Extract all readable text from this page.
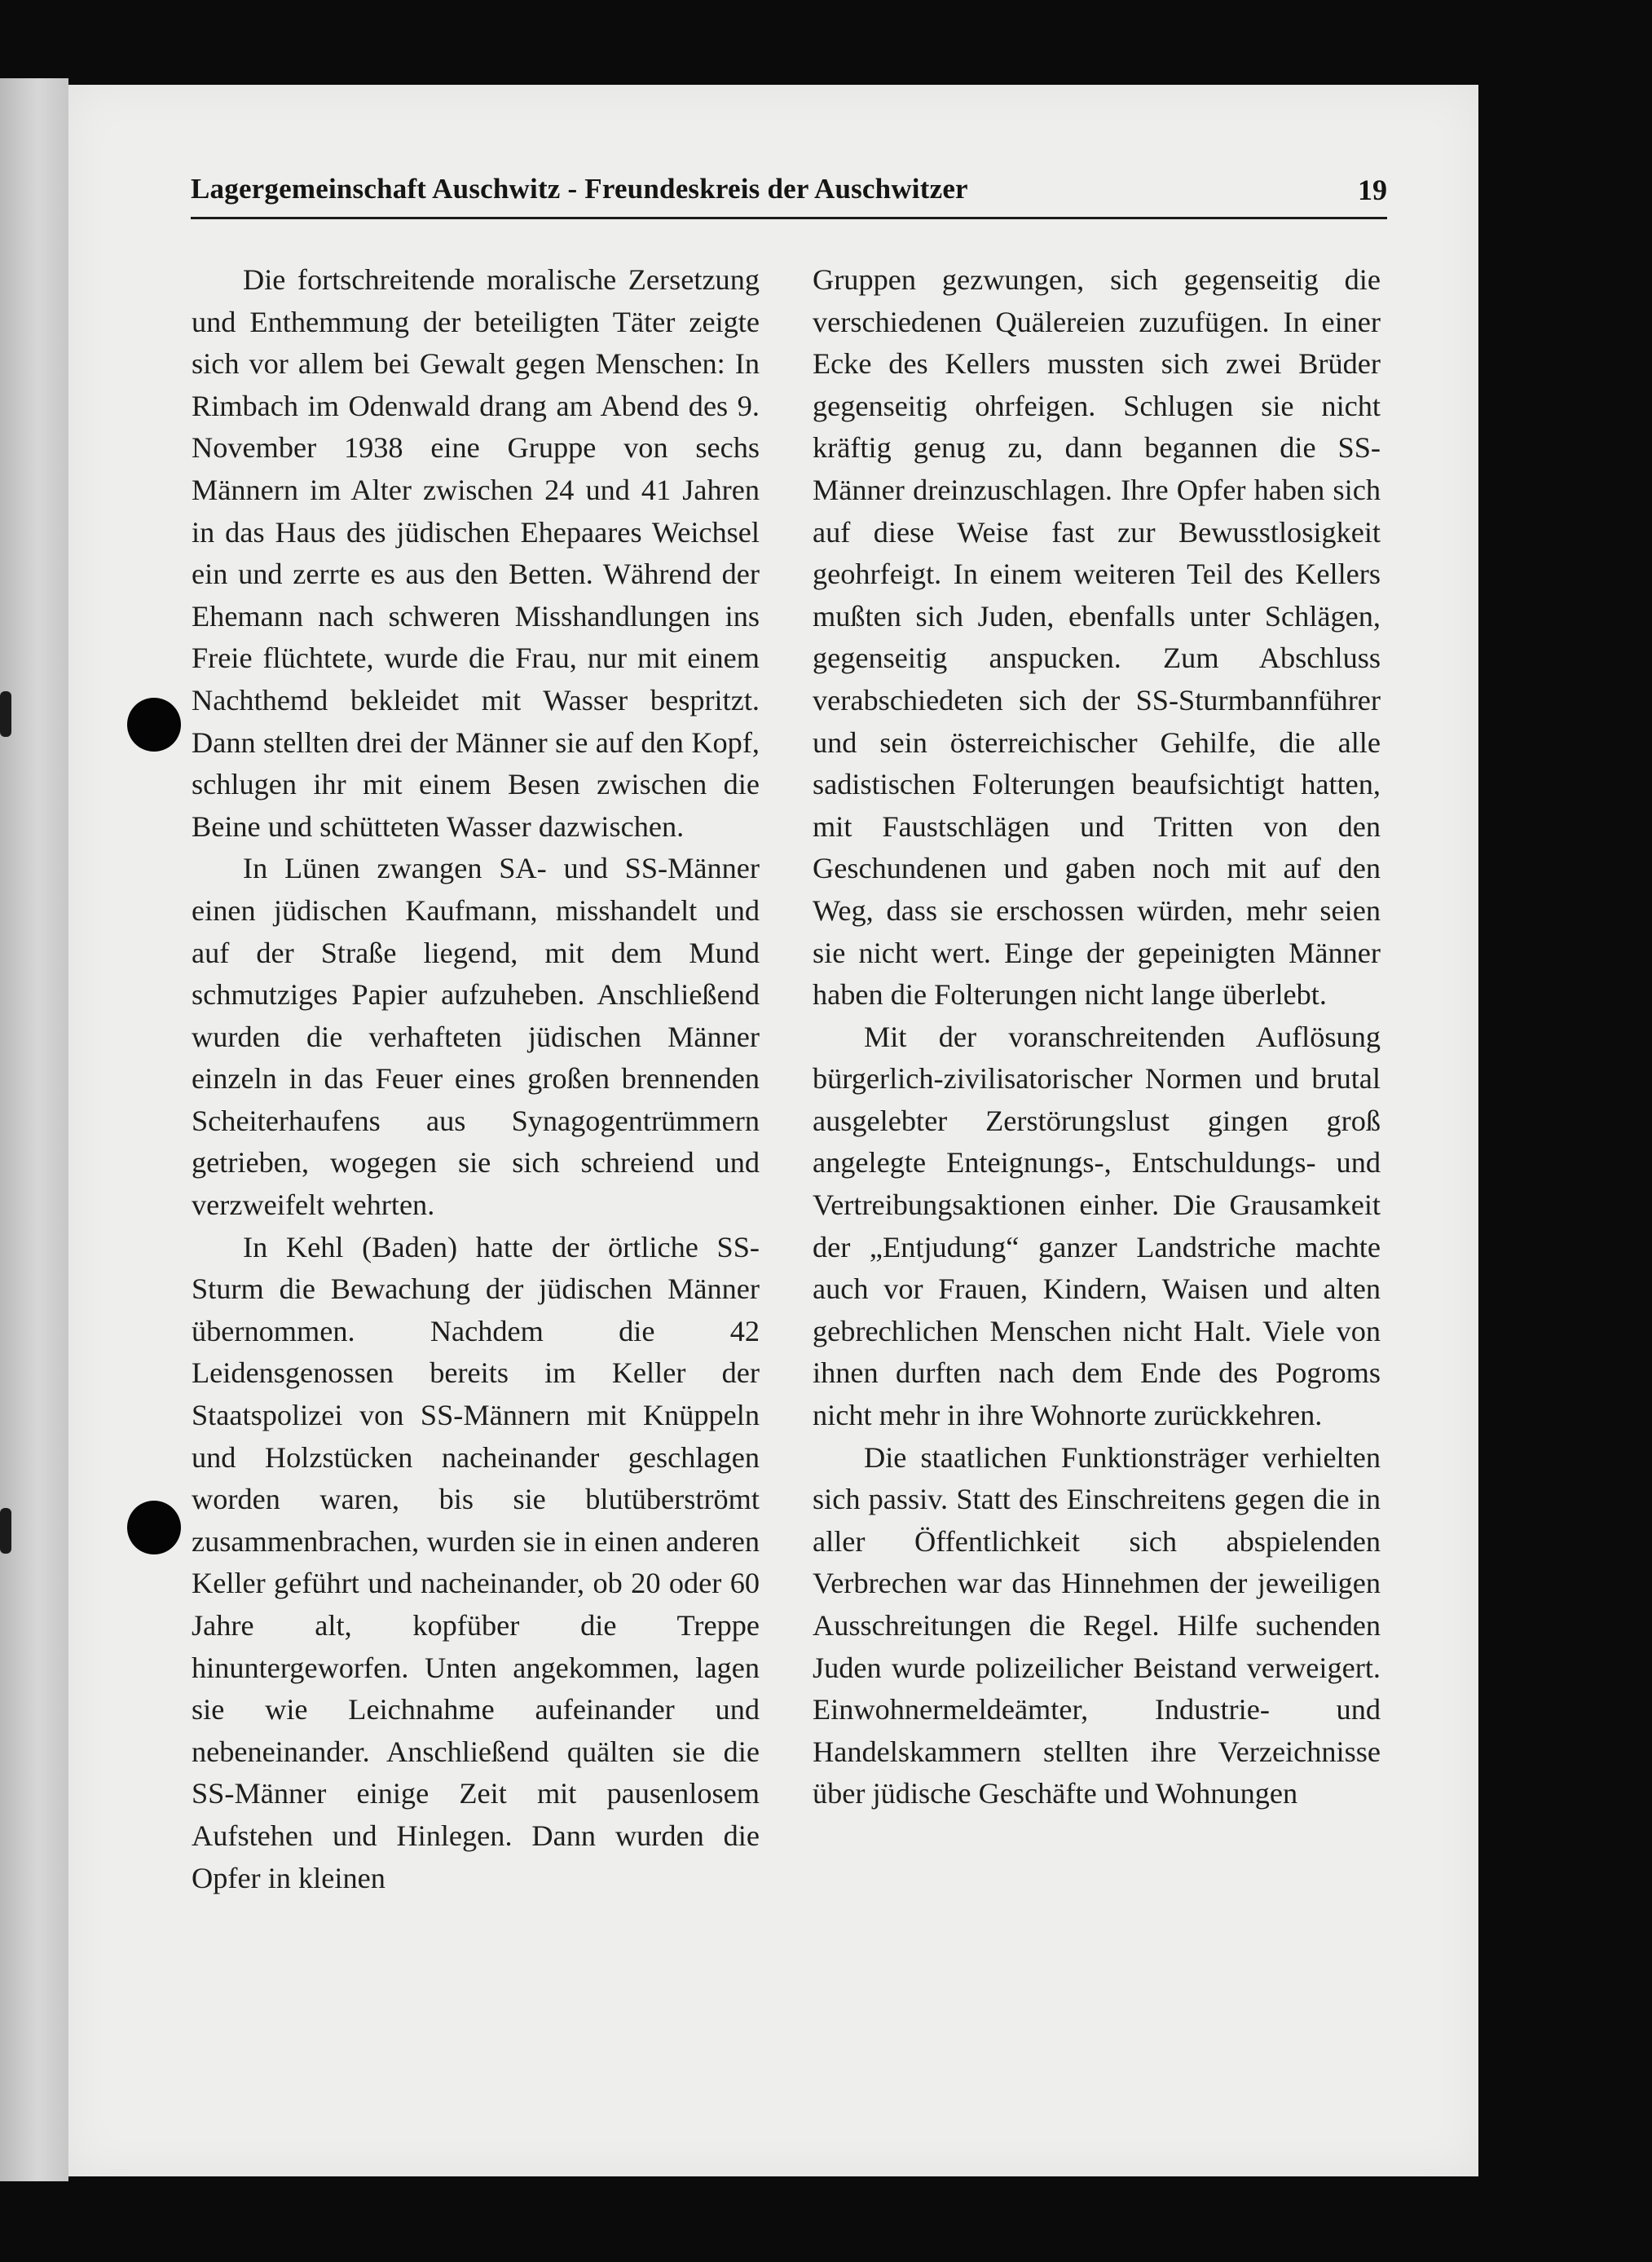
Lagergemeinschaft Auschwitz - Freundeskreis der Auschwitzer	19

Die fortschreitende moralische Zersetzung und Enthemmung der beteiligten Täter zeigte sich vor allem bei Gewalt gegen Menschen: In Rimbach im Odenwald drang am Abend des 9. November 1938 eine Gruppe von sechs Männern im Alter zwischen 24 und 41 Jahren in das Haus des jüdischen Ehepaares Weichsel ein und zerrte es aus den Betten. Während der Ehemann nach schweren Misshandlungen ins Freie flüchtete, wurde die Frau, nur mit einem Nachthemd bekleidet mit Wasser bespritzt. Dann stellten drei der Männer sie auf den Kopf, schlugen ihr mit einem Besen zwischen die Beine und schütteten Wasser dazwischen.

In Lünen zwangen SA- und SS-Männer einen jüdischen Kaufmann, misshandelt und auf der Straße liegend, mit dem Mund schmutziges Papier aufzuheben. Anschließend wurden die verhafteten jüdischen Männer einzeln in das Feuer eines großen brennenden Scheiterhaufens aus Synagogentrümmern getrieben, wogegen sie sich schreiend und verzweifelt wehrten.

In Kehl (Baden) hatte der örtliche SS-Sturm die Bewachung der jüdischen Männer übernommen. Nachdem die 42 Leidensgenossen bereits im Keller der Staatspolizei von SS-Männern mit Knüppeln und Holzstücken nacheinander geschlagen worden waren, bis sie blutüberströmt zusammenbrachen, wurden sie in einen anderen Keller geführt und nacheinander, ob 20 oder 60 Jahre alt, kopfüber die Treppe hinuntergeworfen. Unten angekommen, lagen sie wie Leichnahme aufeinander und nebeneinander. Anschließend quälten sie die SS-Männer einige Zeit mit pausenlosem Aufstehen und Hinlegen. Dann wurden die Opfer in kleinen

Gruppen gezwungen, sich gegenseitig die verschiedenen Quälereien zuzufügen. In einer Ecke des Kellers mussten sich zwei Brüder gegenseitig ohrfeigen. Schlugen sie nicht kräftig genug zu, dann begannen die SS-Männer dreinzuschlagen. Ihre Opfer haben sich auf diese Weise fast zur Bewusstlosigkeit geohrfeigt. In einem weiteren Teil des Kellers mußten sich Juden, ebenfalls unter Schlägen, gegenseitig anspucken. Zum Abschluss verabschiedeten sich der SS-Sturmbannführer und sein österreichischer Gehilfe, die alle sadistischen Folterungen beaufsichtigt hatten, mit Faustschlägen und Tritten von den Geschundenen und gaben noch mit auf den Weg, dass sie erschossen würden, mehr seien sie nicht wert. Einge der gepeinigten Männer haben die Folterungen nicht lange überlebt.

Mit der voranschreitenden Auflösung bürgerlich-zivilisatorischer Normen und brutal ausgelebter Zerstörungslust gingen groß angelegte Enteignungs-, Entschuldungs- und Vertreibungsaktionen einher. Die Grausamkeit der „Entjudung“ ganzer Landstriche machte auch vor Frauen, Kindern, Waisen und alten gebrechlichen Menschen nicht Halt. Viele von ihnen durften nach dem Ende des Pogroms nicht mehr in ihre Wohnorte zurückkehren.

Die staatlichen Funktionsträger verhielten sich passiv. Statt des Einschreitens gegen die in aller Öffentlichkeit sich abspielenden Verbrechen war das Hinnehmen der jeweiligen Ausschreitungen die Regel. Hilfe suchenden Juden wurde polizeilicher Beistand verweigert. Einwohnermeldeämter, Industrie- und Handelskammern stellten ihre Verzeichnisse über jüdische Geschäfte und Wohnungen
